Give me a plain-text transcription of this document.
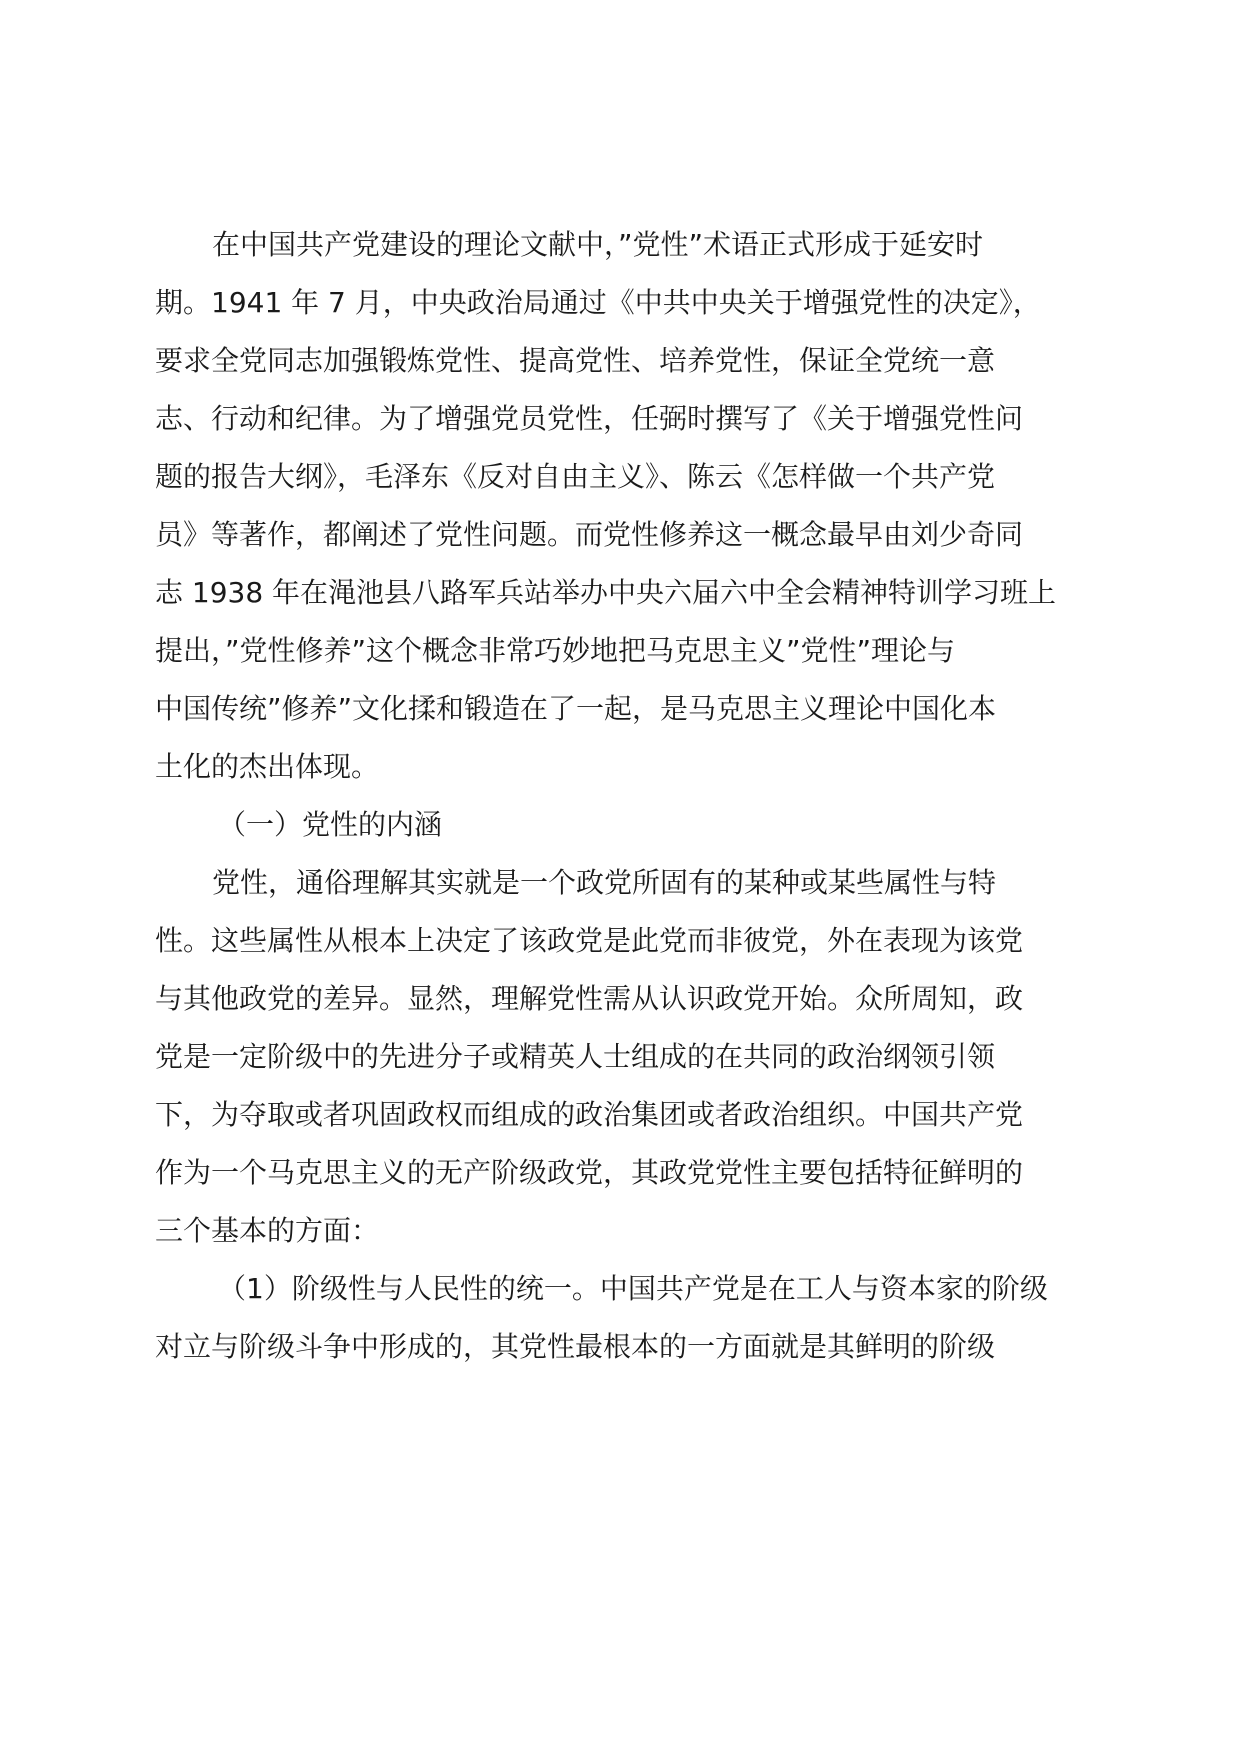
在中国共产党建设的理论文献中，”党性”术语正式形成于延安时
期。1941 年 7 月，中央政治局通过《中共中央关于增强党性的决定》，
要求全党同志加强锻炼党性、提高党性、培养党性，保证全党统一意
志、行动和纪律。为了增强党员党性，任弼时撰写了《关于增强党性问
题的报告大纲》，毛泽东《反对自由主义》、陈云《怎样做一个共产党
员》等著作，都阐述了党性问题。而党性修养这一概念最早由刘少奇同
志 1938 年在渑池县八路军兵站举办中央六届六中全会精神特训学习班上
提出，”党性修养”这个概念非常巧妙地把马克思主义”党性”理论与
中国传统”修养”文化揉和锻造在了一起，是马克思主义理论中国化本
土化的杰出体现。
（一）党性的内涵
党性，通俗理解其实就是一个政党所固有的某种或某些属性与特
性。这些属性从根本上决定了该政党是此党而非彼党，外在表现为该党
与其他政党的差异。显然，理解党性需从认识政党开始。众所周知，政
党是一定阶级中的先进分子或精英人士组成的在共同的政治纲领引领
下，为夺取或者巩固政权而组成的政治集团或者政治组织。中国共产党
作为一个马克思主义的无产阶级政党，其政党党性主要包括特征鲜明的
三个基本的方面：
（1）阶级性与人民性的统一。中国共产党是在工人与资本家的阶级
对立与阶级斗争中形成的，其党性最根本的一方面就是其鲜明的阶级
